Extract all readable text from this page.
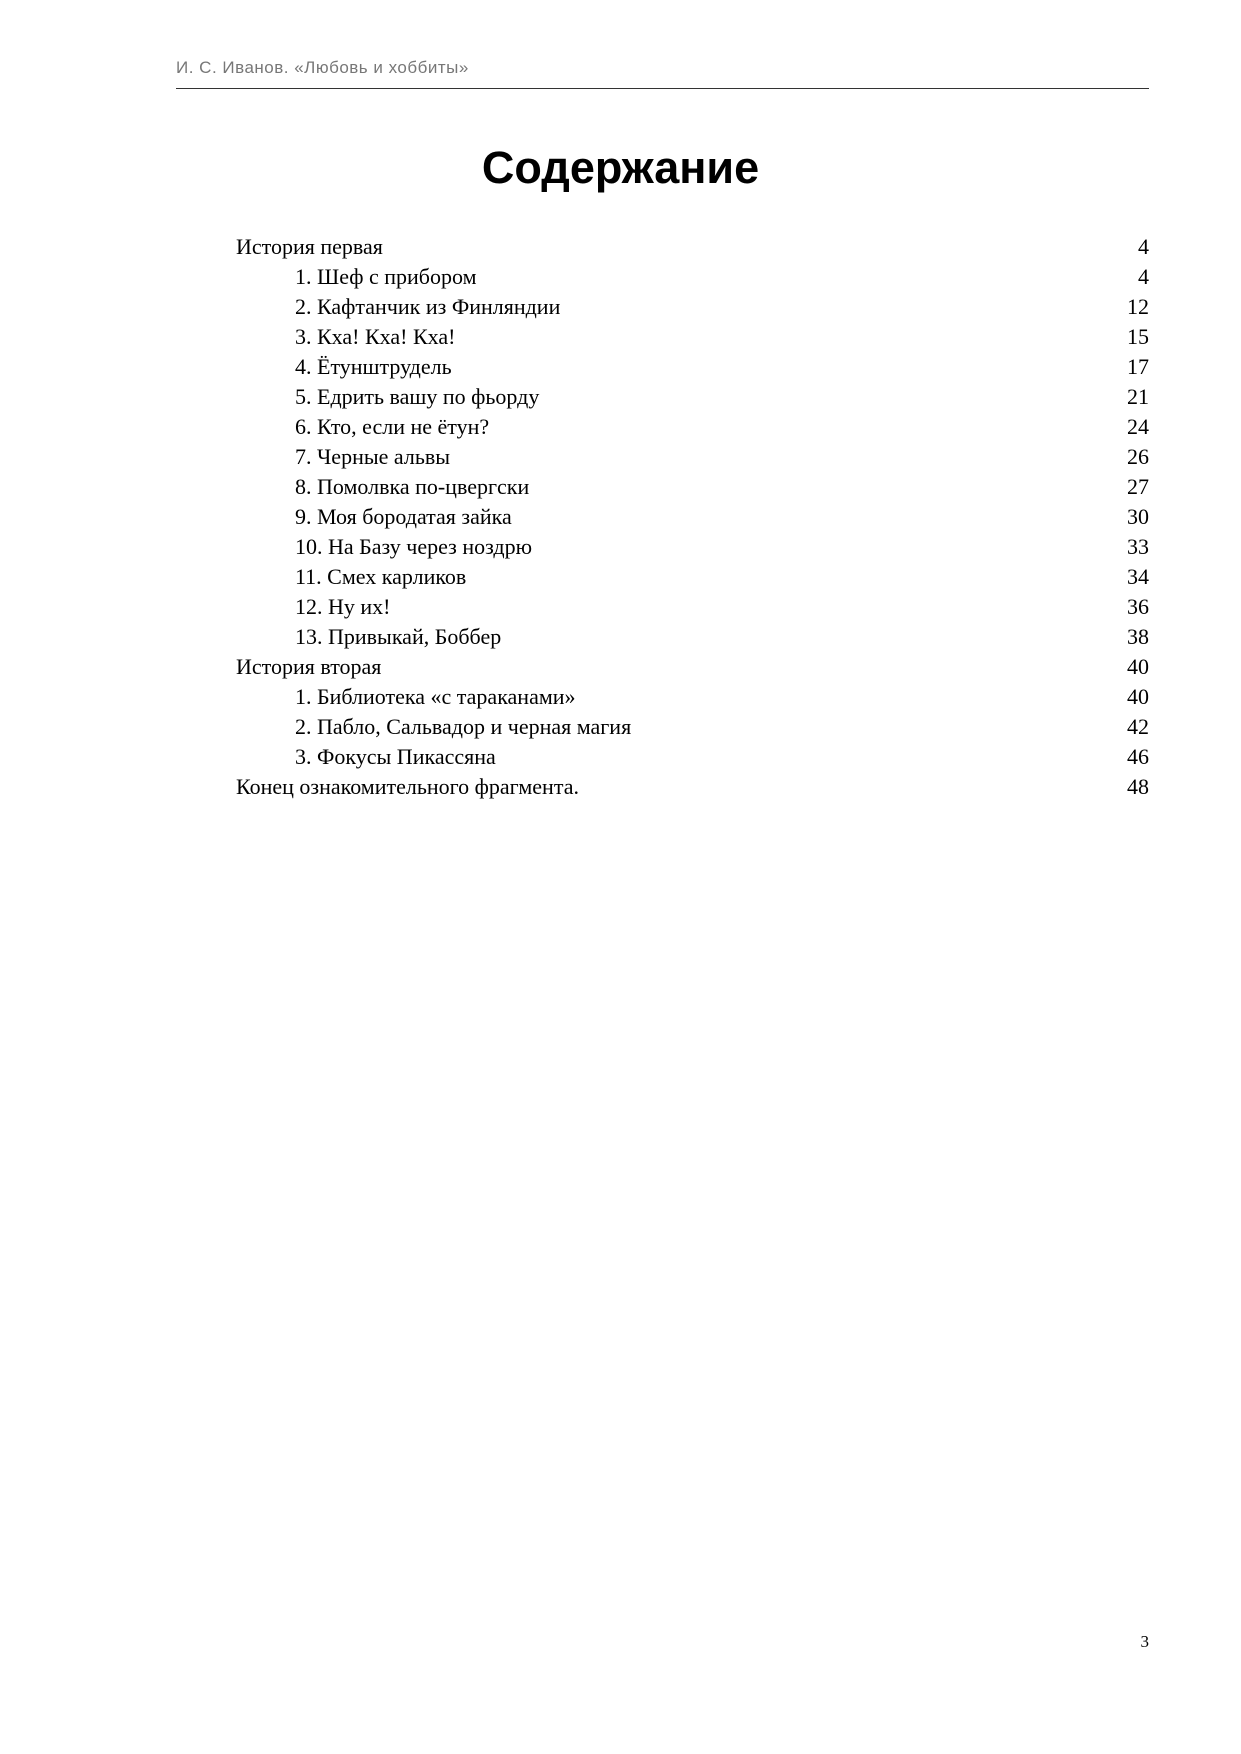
И. С. Иванов. «Любовь и хоббиты»
Содержание
История первая	4
1. Шеф с прибором	4
2. Кафтанчик из Финляндии	12
3. Кха! Кха! Кха!	15
4. Ётунштрудель	17
5. Едрить вашу по фьорду	21
6. Кто, если не ётун?	24
7. Черные альвы	26
8. Помолвка по-цвергски	27
9. Моя бородатая зайка	30
10. На Базу через ноздрю	33
11. Смех карликов	34
12. Ну их!	36
13. Привыкай, Боббер	38
История вторая	40
1. Библиотека «с тараканами»	40
2. Пабло, Сальвадор и черная магия	42
3. Фокусы Пикассяна	46
Конец ознакомительного фрагмента.	48
3
